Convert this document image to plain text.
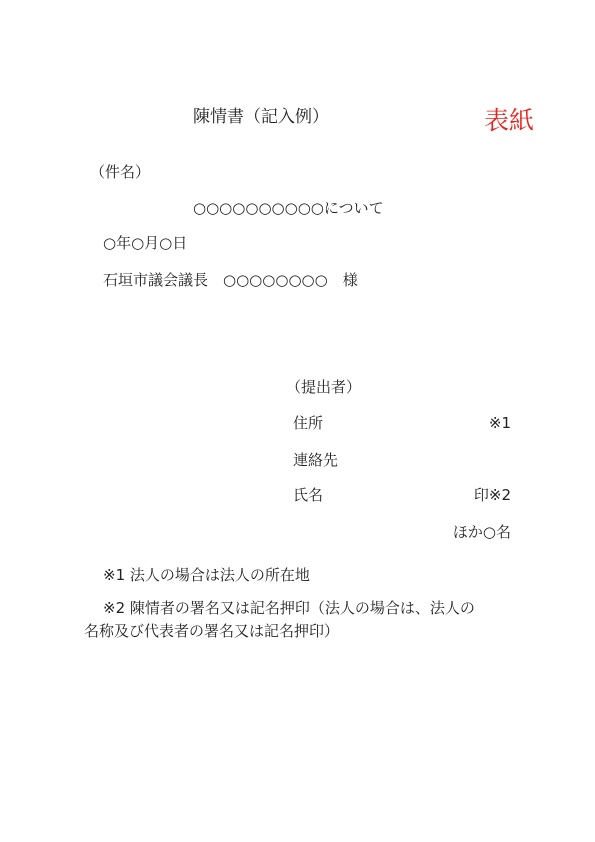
陳情書（記入例）	表紙
（件名）
○○○○○○○○○○について
○年○月○日
石垣市議会議長　○○○○○○○○　様
（提出者）
住所	※1
連絡先
氏名	印※2
ほか○名
※1 法人の場合は法人の所在地
※2 陳情者の署名又は記名押印（法人の場合は、法人の
名称及び代表者の署名又は記名押印）
